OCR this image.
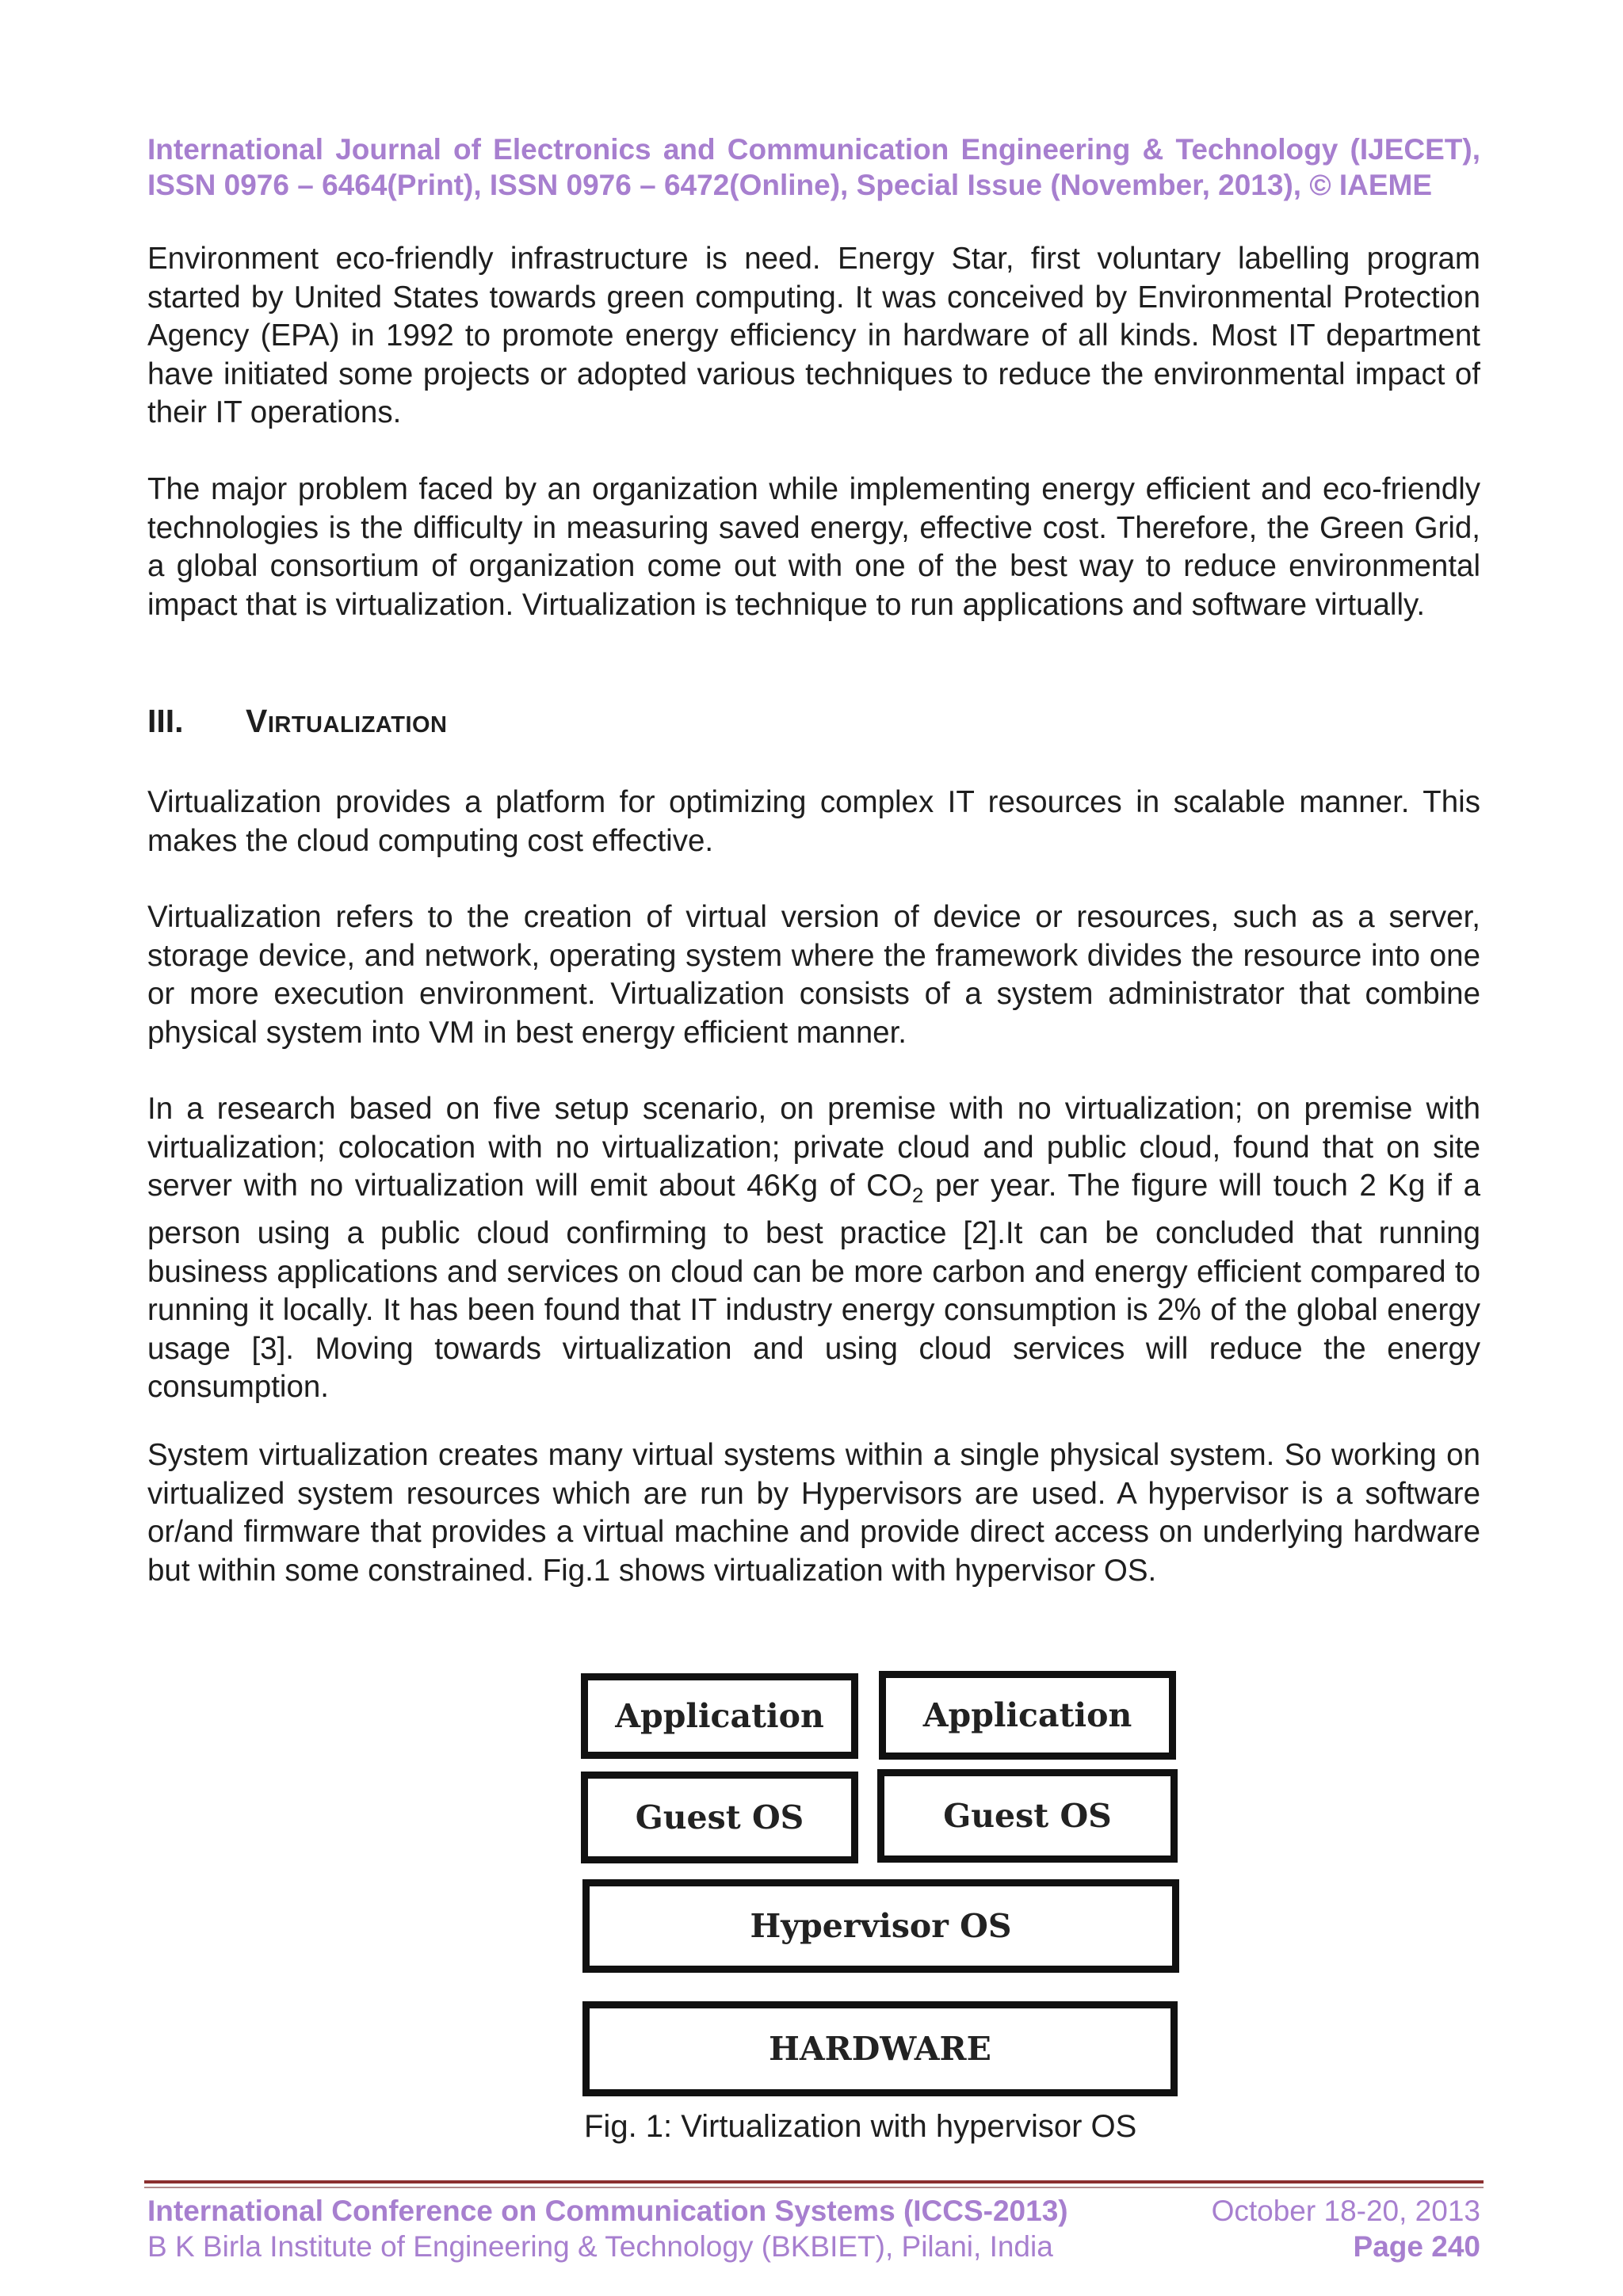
International Journal of Electronics and Communication Engineering & Technology (IJECET),
ISSN 0976 – 6464(Print), ISSN 0976 – 6472(Online), Special Issue (November, 2013), © IAEME

Environment eco-friendly infrastructure is need. Energy Star, first voluntary labelling program started by United States towards green computing. It was conceived by Environmental Protection Agency (EPA) in 1992 to promote energy efficiency in hardware of all kinds. Most IT department have initiated some projects or adopted various techniques to reduce the environmental impact of their IT operations.

The major problem faced by an organization while implementing energy efficient and eco-friendly technologies is the difficulty in measuring saved energy, effective cost. Therefore, the Green Grid, a global consortium of organization come out with one of the best way to reduce environmental impact that is virtualization. Virtualization is technique to run applications and software virtually.

III. Virtualization

Virtualization provides a platform for optimizing complex IT resources in scalable manner. This makes the cloud computing cost effective.

Virtualization refers to the creation of virtual version of device or resources, such as a server, storage device, and network, operating system where the framework divides the resource into one or more execution environment. Virtualization consists of a system administrator that combine physical system into VM in best energy efficient manner.

In a research based on five setup scenario, on premise with no virtualization; on premise with virtualization; colocation with no virtualization; private cloud and public cloud, found that on site server with no virtualization will emit about 46Kg of $CO_2$ per year. The figure will touch 2 Kg if a person using a public cloud confirming to best practice [2].It can be concluded that running business applications and services on cloud can be more carbon and energy efficient compared to running it locally. It has been found that IT industry energy consumption is 2% of the global energy usage [3]. Moving towards virtualization and using cloud services will reduce the energy consumption.

System virtualization creates many virtual systems within a single physical system. So working on virtualized system resources which are run by Hypervisors are used. A hypervisor is a software or/and firmware that provides a virtual machine and provide direct access on underlying hardware but within some constrained. Fig.1 shows virtualization with hypervisor OS.

Application	Application
Guest OS	Guest OS
Hypervisor OS
HARDWARE
Fig. 1: Virtualization with hypervisor OS
International Conference on Communication Systems (ICCS-2013)
B K Birla Institute of Engineering & Technology (BKBIET), Pilani, India
October 18-20, 2013
Page 240
